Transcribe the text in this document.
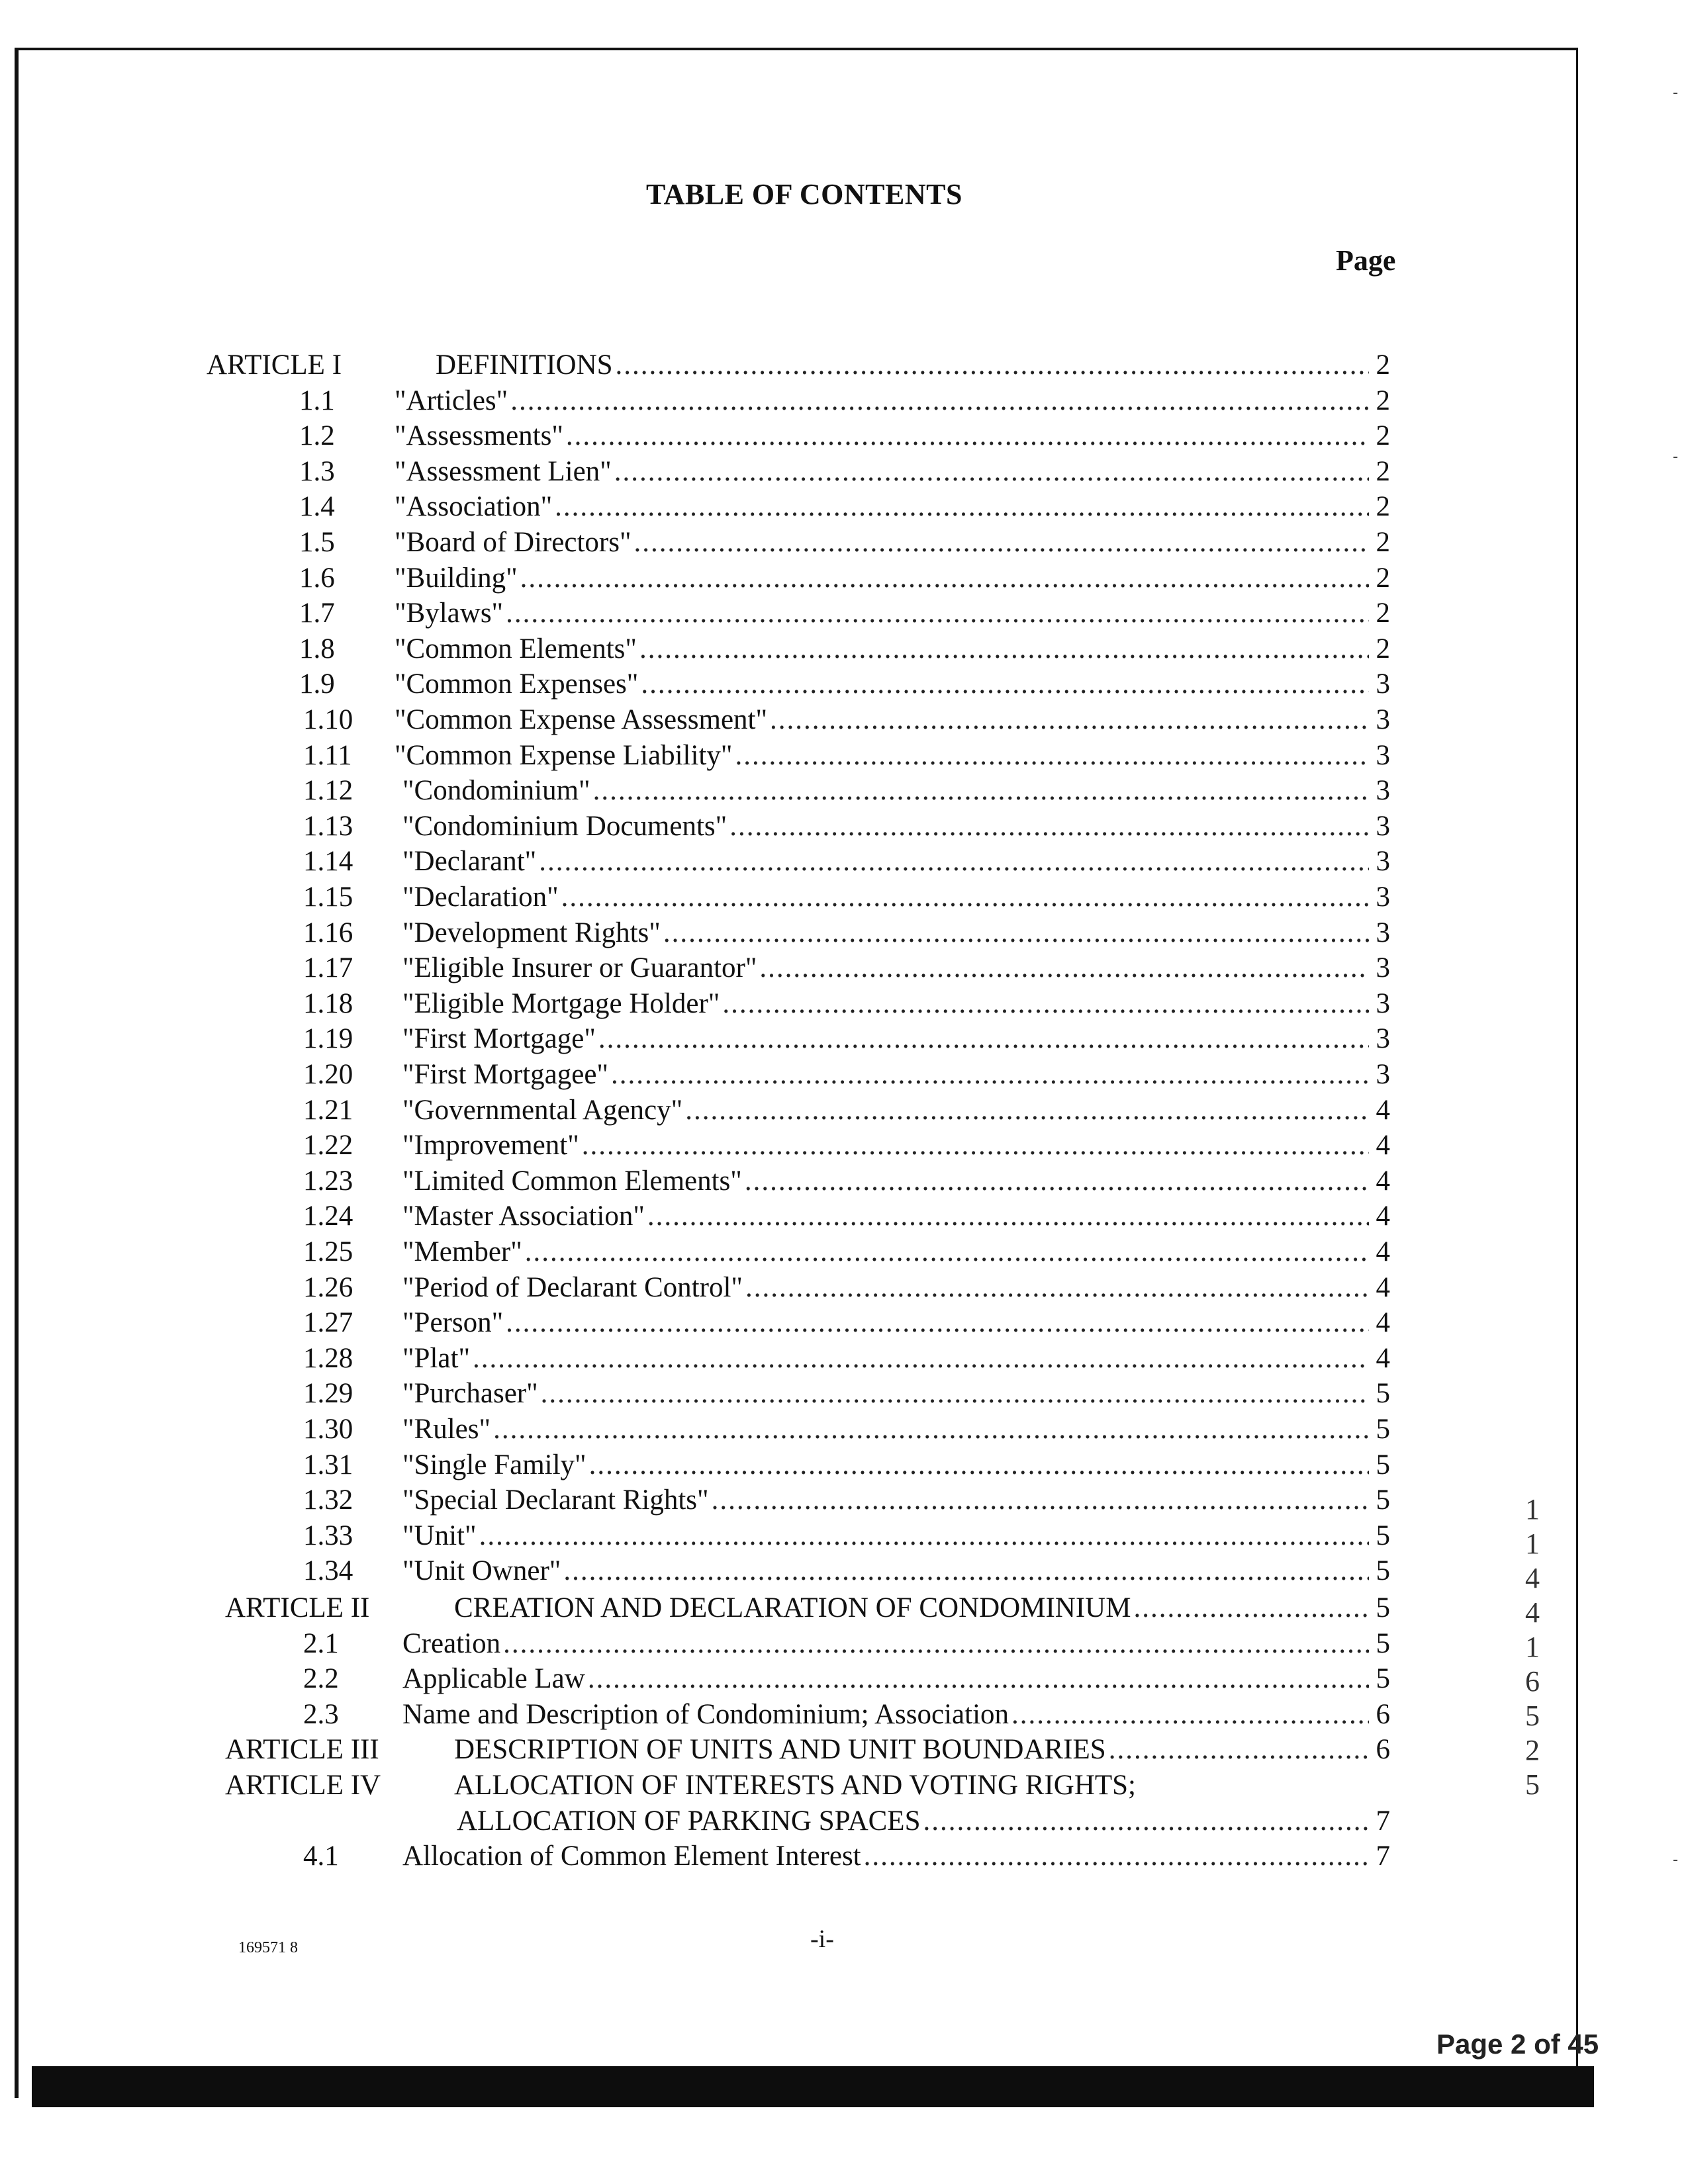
TABLE OF CONTENTS
Page
ARTICLE I	DEFINITIONS .....	2
1.1 "Articles" .....	2
1.2 "Assessments" .....	2
1.3 "Assessment Lien" .....	2
1.4 "Association" .....	2
1.5 "Board of Directors" .....	2
1.6 "Building" .....	2
1.7 "Bylaws" .....	2
1.8 "Common Elements" .....	2
1.9 "Common Expenses" .....	3
1.10 "Common Expense Assessment" .....	3
1.11 "Common Expense Liability" .....	3
1.12 "Condominium" .....	3
1.13 "Condominium Documents" .....	3
1.14 "Declarant" .....	3
1.15 "Declaration" .....	3
1.16 "Development Rights" .....	3
1.17 "Eligible Insurer or Guarantor" .....	3
1.18 "Eligible Mortgage Holder" .....	3
1.19 "First Mortgage" .....	3
1.20 "First Mortgagee" .....	3
1.21 "Governmental Agency" .....	4
1.22 "Improvement" .....	4
1.23 "Limited Common Elements" .....	4
1.24 "Master Association" .....	4
1.25 "Member" .....	4
1.26 "Period of Declarant Control" .....	4
1.27 "Person" .....	4
1.28 "Plat" .....	4
1.29 "Purchaser" .....	5
1.30 "Rules" .....	5
1.31 "Single Family" .....	5
1.32 "Special Declarant Rights" .....	5
1.33 "Unit" .....	5
1.34 "Unit Owner" .....	5
ARTICLE II	CREATION AND DECLARATION OF CONDOMINIUM .....	5
2.1 Creation .....	5
2.2 Applicable Law .....	5
2.3 Name and Description of Condominium; Association .....	6
ARTICLE III	DESCRIPTION OF UNITS AND UNIT BOUNDARIES .....	6
ARTICLE IV	ALLOCATION OF INTERESTS AND VOTING RIGHTS;
ALLOCATION OF PARKING SPACES .....	7
4.1 Allocation of Common Element Interest .....	7
169571 8	-i-
114416525
Page 2 of 45
